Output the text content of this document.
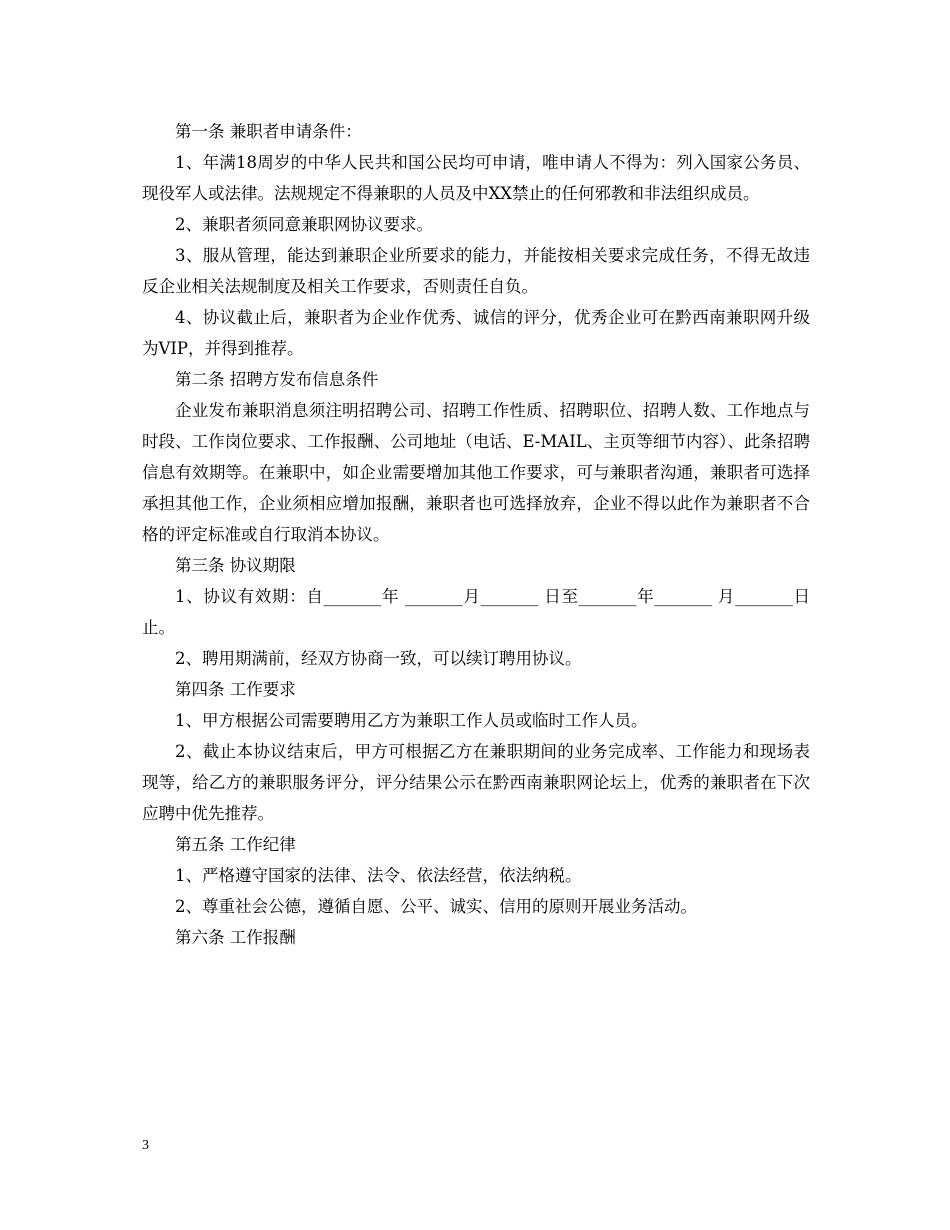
第一条 兼职者申请条件：

1、年满18周岁的中华人民共和国公民均可申请，唯申请人不得为：列入国家公务员、现役军人或法律。法规规定不得兼职的人员及中XX禁止的任何邪教和非法组织成员。

2、兼职者须同意兼职网协议要求。

3、服从管理，能达到兼职企业所要求的能力，并能按相关要求完成任务，不得无故违反企业相关法规制度及相关工作要求，否则责任自负。

4、协议截止后，兼职者为企业作优秀、诚信的评分，优秀企业可在黔西南兼职网升级为VIP，并得到推荐。

第二条 招聘方发布信息条件

企业发布兼职消息须注明招聘公司、招聘工作性质、招聘职位、招聘人数、工作地点与时段、工作岗位要求、工作报酬、公司地址（电话、E-MAIL、主页等细节内容）、此条招聘信息有效期等。在兼职中，如企业需要增加其他工作要求，可与兼职者沟通，兼职者可选择承担其他工作，企业须相应增加报酬，兼职者也可选择放弃，企业不得以此作为兼职者不合格的评定标准或自行取消本协议。

第三条 协议期限

1、协议有效期：自_______年 _______月_______ 日至_______年_______ 月_______日止。

2、聘用期满前，经双方协商一致，可以续订聘用协议。

第四条 工作要求

1、甲方根据公司需要聘用乙方为兼职工作人员或临时工作人员。

2、截止本协议结束后，甲方可根据乙方在兼职期间的业务完成率、工作能力和现场表现等，给乙方的兼职服务评分，评分结果公示在黔西南兼职网论坛上，优秀的兼职者在下次应聘中优先推荐。

第五条 工作纪律

1、严格遵守国家的法律、法令、依法经营，依法纳税。

2、尊重社会公德，遵循自愿、公平、诚实、信用的原则开展业务活动。

第六条 工作报酬

3
